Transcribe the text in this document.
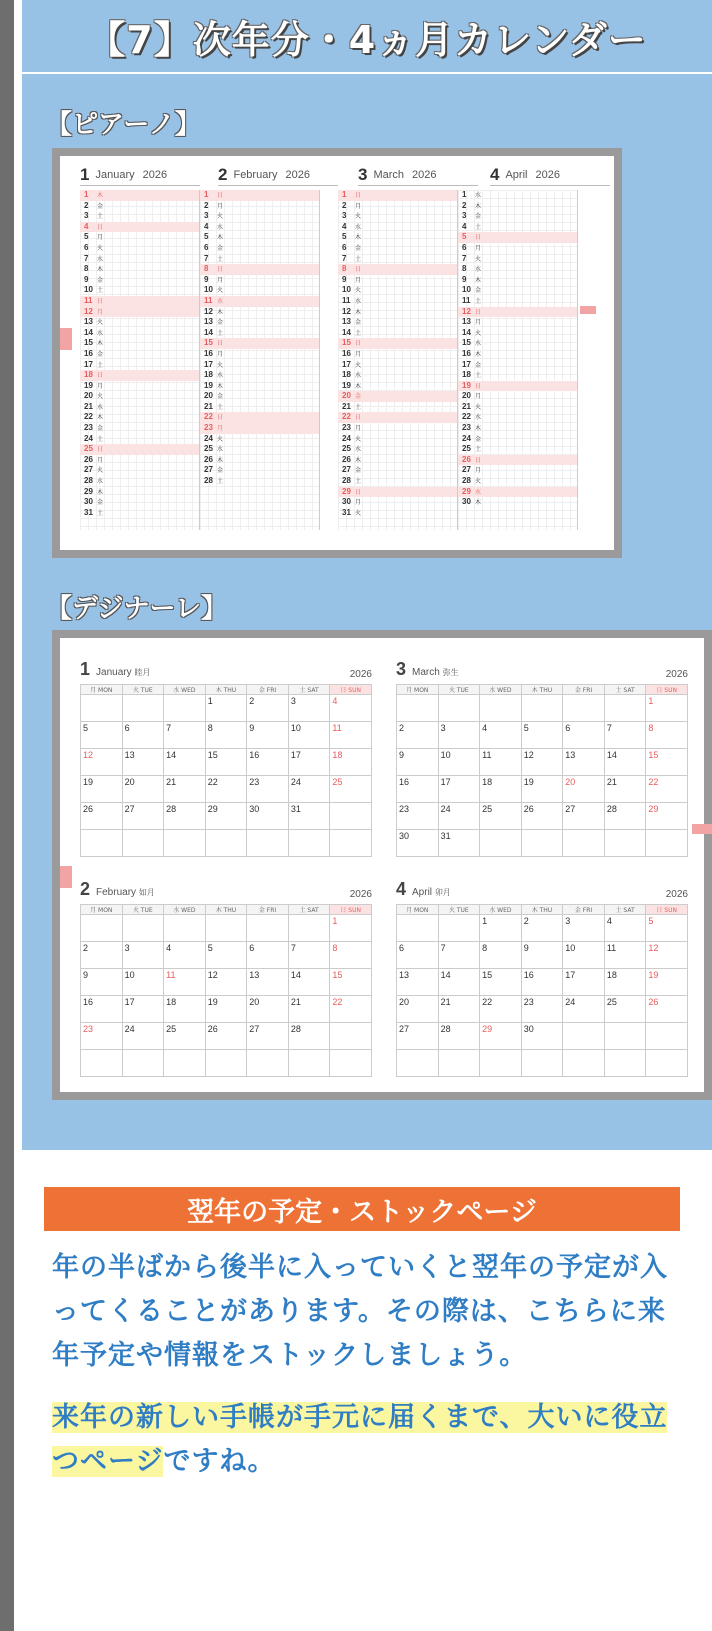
【7】次年分・4ヵ月カレンダー
【ピアーノ】
1 January 2026	2 February 2026	3 March 2026	4 April 2026
1 木
2 金
3 土
4 日
5 月
6 火
7 水
8 木
9 金
10 土
11 日
12 月
13 火
14 水
15 木
16 金
17 土
18 日
19 月
20 火
21 水
22 木
23 金
24 土
25 日
26 月
27 火
28 水
29 木
30 金
31 土
1 日
2 月
3 火
4 水
5 木
6 金
7 土
8 日
9 月
10 火
11 水
12 木
13 金
14 土
15 日
16 月
17 火
18 水
19 木
20 金
21 土
22 日
23 月
24 火
25 水
26 木
27 金
28 土
1 日
2 月
3 火
4 水
5 木
6 金
7 土
8 日
9 月
10 火
11 水
12 木
13 金
14 土
15 日
16 月
17 火
18 水
19 木
20 金
21 土
22 日
23 月
24 火
25 水
26 木
27 金
28 土
29 日
30 月
31 火
1 水
2 木
3 金
4 土
5 日
6 月
7 火
8 水
9 木
10 金
11 土
12 日
13 月
14 火
15 水
16 木
17 金
18 土
19 日
20 月
21 火
22 水
23 木
24 金
25 土
26 日
27 月
28 火
29 水
30 木
【デジナーレ】
1 January 睦月	2026
月 MON	火 TUE	水 WED	木 THU	金 FRI	土 SAT	日 SUN
			1	2	3	4
5	6	7	8	9	10	11
12	13	14	15	16	17	18
19	20	21	22	23	24	25
26	27	28	29	30	31	

3 March 弥生	2026
月 MON	火 TUE	水 WED	木 THU	金 FRI	土 SAT	日 SUN
						1
2	3	4	5	6	7	8
9	10	11	12	13	14	15
16	17	18	19	20	21	22
23	24	25	26	27	28	29
30	31					
2 February 如月	2026
月 MON	火 TUE	水 WED	木 THU	金 FRI	土 SAT	日 SUN
						1
2	3	4	5	6	7	8
9	10	11	12	13	14	15
16	17	18	19	20	21	22
23	24	25	26	27	28	

4 April 卯月	2026
月 MON	火 TUE	水 WED	木 THU	金 FRI	土 SAT	日 SUN
		1	2	3	4	5
6	7	8	9	10	11	12
13	14	15	16	17	18	19
20	21	22	23	24	25	26
27	28	29	30			

翌年の予定・ストックページ
年の半ばから後半に入っていくと翌年の予定が入ってくることがあります。その際は、こちらに来年予定や情報をストックしましょう。
来年の新しい手帳が手元に届くまで、大いに役立つページですね。
